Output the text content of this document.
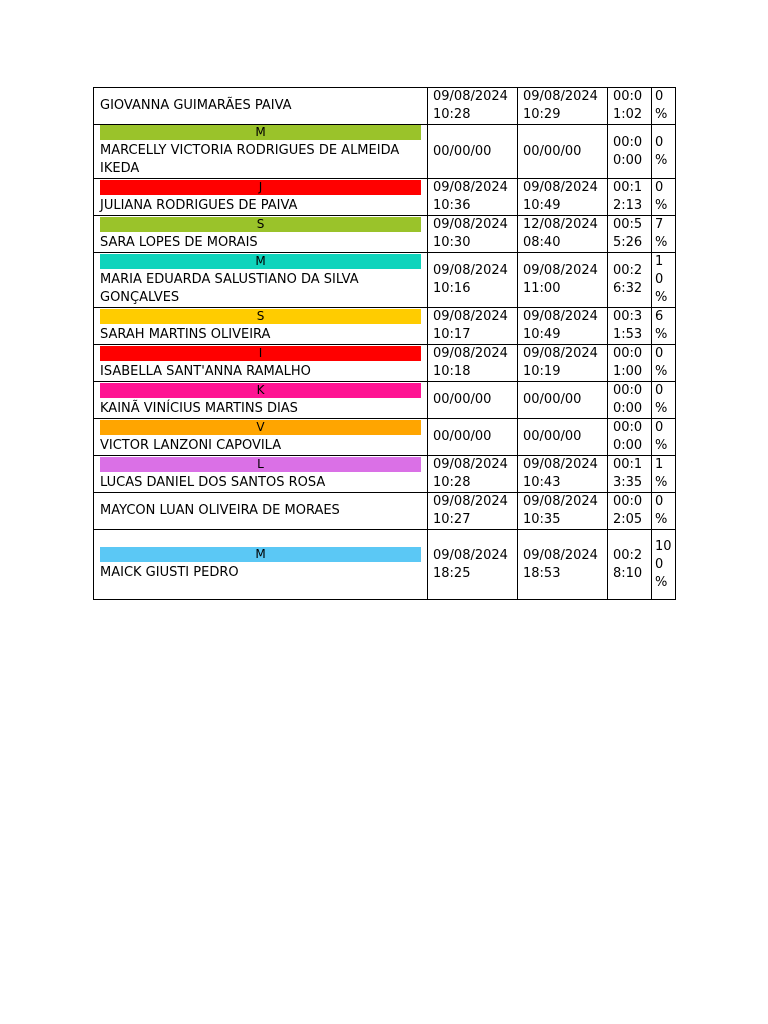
GIOVANNA GUIMARÃES PAIVA	09/08/2024 10:28	09/08/2024 10:29	00:01:02	0%

M
MARCELLY VICTORIA RODRIGUES DE ALMEIDA IKEDA	00/00/00	00/00/00	00:00:00	0%

J
JULIANA RODRIGUES DE PAIVA	09/08/2024 10:36	09/08/2024 10:49	00:12:13	0%

S
SARA LOPES DE MORAIS	09/08/2024 10:30	12/08/2024 08:40	00:55:26	7%

M
MARIA EDUARDA SALUSTIANO DA SILVA GONÇALVES	09/08/2024 10:16	09/08/2024 11:00	00:26:32	10%

S
SARAH MARTINS OLIVEIRA	09/08/2024 10:17	09/08/2024 10:49	00:31:53	6%

I
ISABELLA SANT'ANNA RAMALHO	09/08/2024 10:18	09/08/2024 10:19	00:01:00	0%

K
KAINÃ VINÍCIUS MARTINS DIAS	00/00/00	00/00/00	00:00:00	0%

V
VICTOR LANZONI CAPOVILA	00/00/00	00/00/00	00:00:00	0%

L
LUCAS DANIEL DOS SANTOS ROSA	09/08/2024 10:28	09/08/2024 10:43	00:13:35	1%

MAYCON LUAN OLIVEIRA DE MORAES	09/08/2024 10:27	09/08/2024 10:35	00:02:05	0%

M
MAICK GIUSTI PEDRO	09/08/2024 18:25	09/08/2024 18:53	00:28:10	100%
